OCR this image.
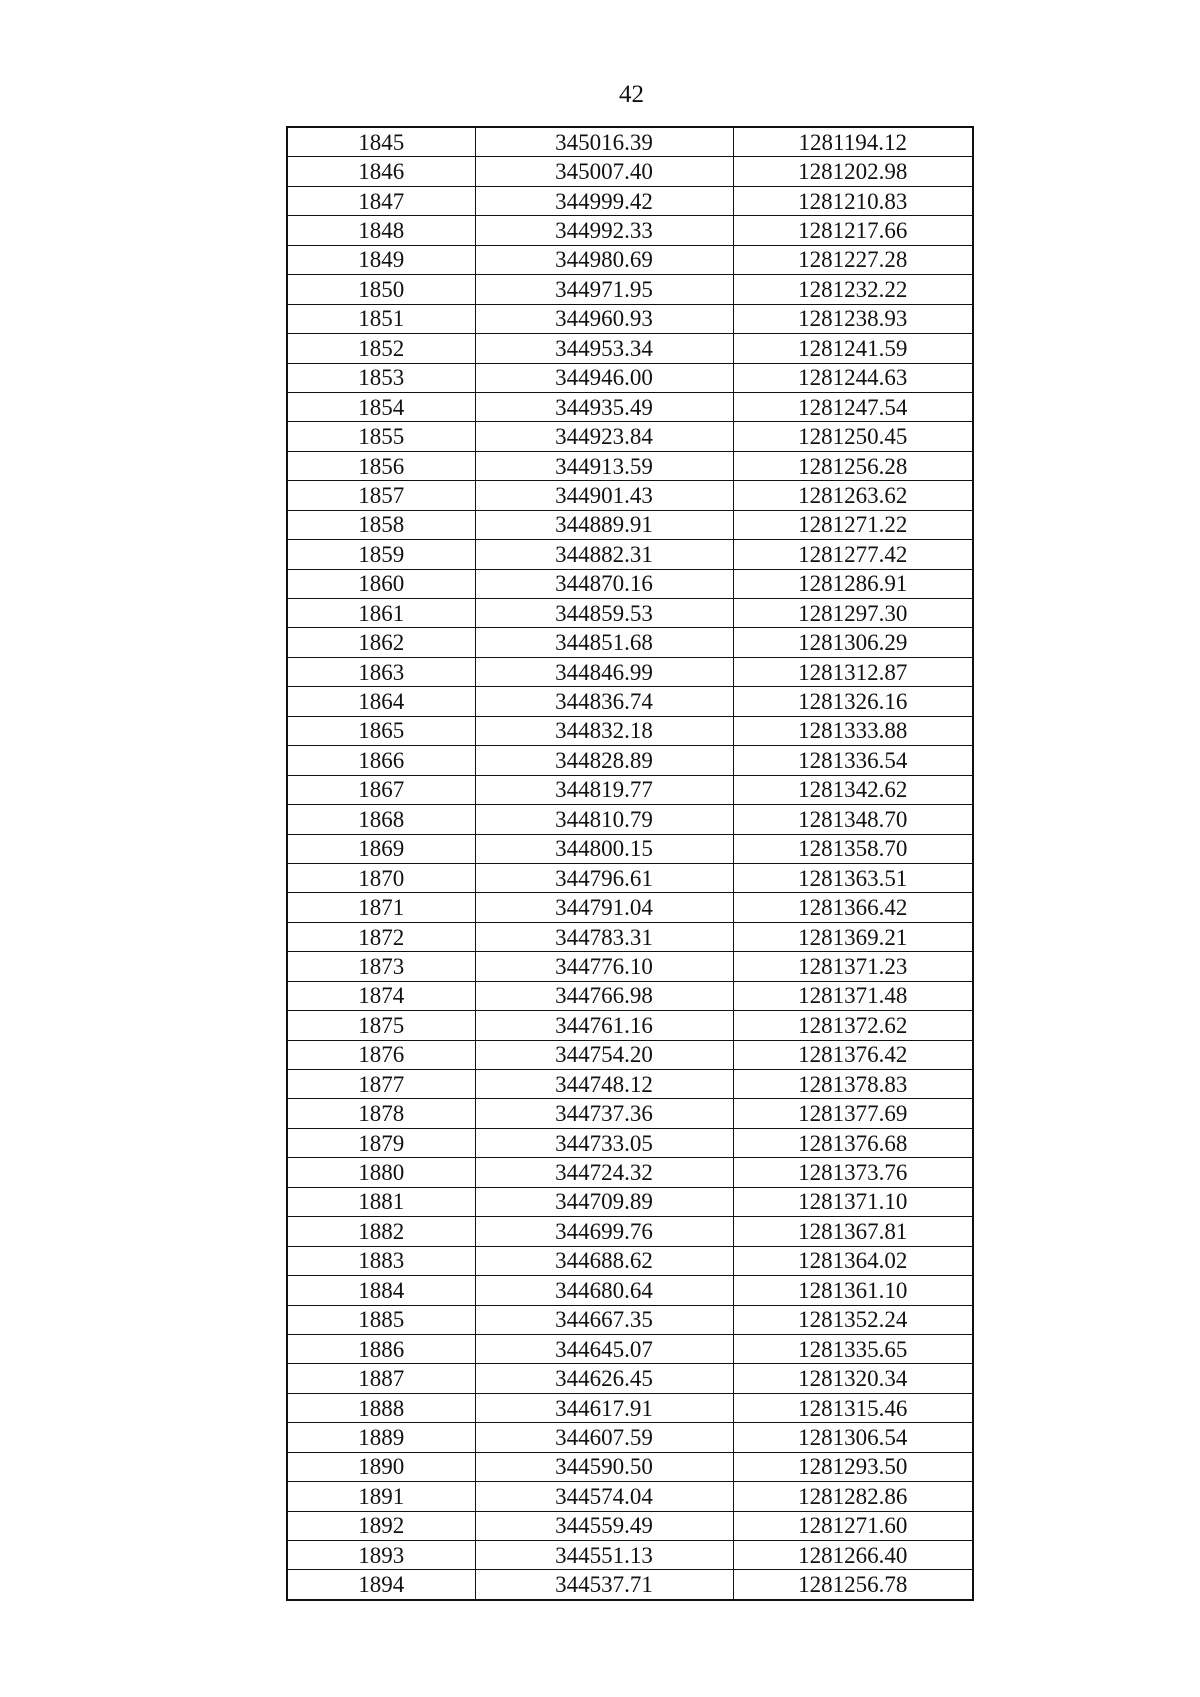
42
1845	345016.39	1281194.12
1846	345007.40	1281202.98
1847	344999.42	1281210.83
1848	344992.33	1281217.66
1849	344980.69	1281227.28
1850	344971.95	1281232.22
1851	344960.93	1281238.93
1852	344953.34	1281241.59
1853	344946.00	1281244.63
1854	344935.49	1281247.54
1855	344923.84	1281250.45
1856	344913.59	1281256.28
1857	344901.43	1281263.62
1858	344889.91	1281271.22
1859	344882.31	1281277.42
1860	344870.16	1281286.91
1861	344859.53	1281297.30
1862	344851.68	1281306.29
1863	344846.99	1281312.87
1864	344836.74	1281326.16
1865	344832.18	1281333.88
1866	344828.89	1281336.54
1867	344819.77	1281342.62
1868	344810.79	1281348.70
1869	344800.15	1281358.70
1870	344796.61	1281363.51
1871	344791.04	1281366.42
1872	344783.31	1281369.21
1873	344776.10	1281371.23
1874	344766.98	1281371.48
1875	344761.16	1281372.62
1876	344754.20	1281376.42
1877	344748.12	1281378.83
1878	344737.36	1281377.69
1879	344733.05	1281376.68
1880	344724.32	1281373.76
1881	344709.89	1281371.10
1882	344699.76	1281367.81
1883	344688.62	1281364.02
1884	344680.64	1281361.10
1885	344667.35	1281352.24
1886	344645.07	1281335.65
1887	344626.45	1281320.34
1888	344617.91	1281315.46
1889	344607.59	1281306.54
1890	344590.50	1281293.50
1891	344574.04	1281282.86
1892	344559.49	1281271.60
1893	344551.13	1281266.40
1894	344537.71	1281256.78
